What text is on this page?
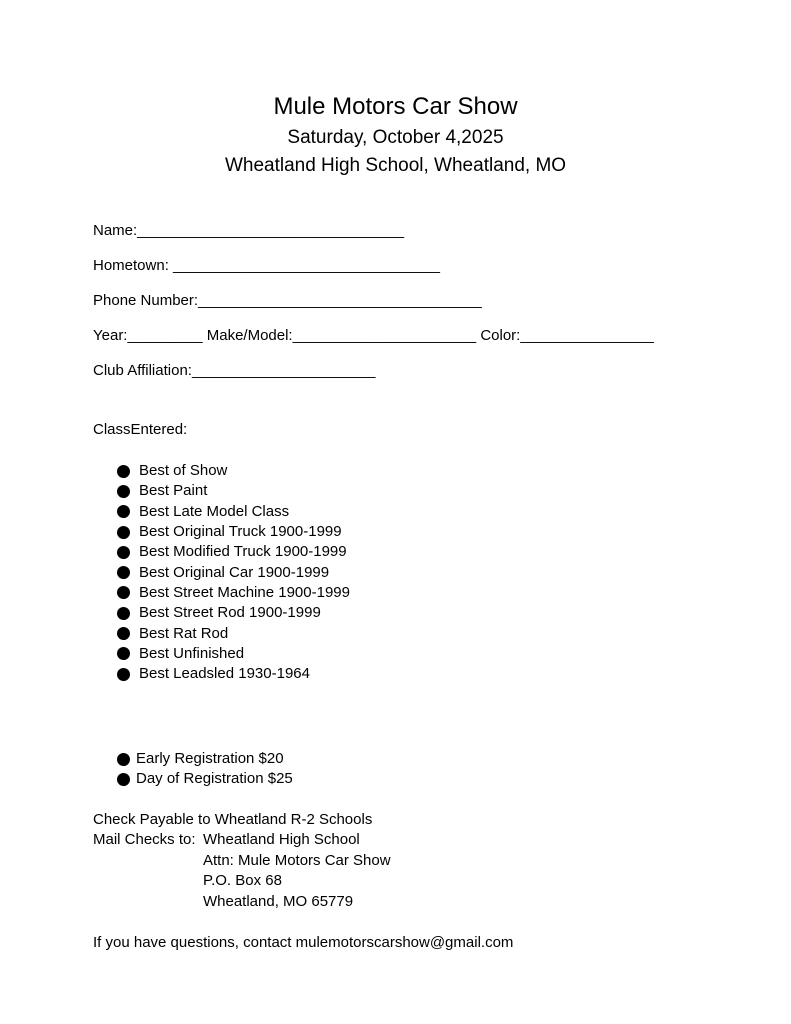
Mule Motors Car Show
Saturday, October 4,2025
Wheatland High School, Wheatland, MO
Name:________________________________
Hometown: ________________________________
Phone Number:__________________________________
Year:_________ Make/Model:______________________ Color:________________
Club Affiliation:______________________
ClassEntered:
Best of Show
Best Paint
Best Late Model Class
Best Original Truck 1900-1999
Best Modified Truck 1900-1999
Best Original Car 1900-1999
Best Street Machine 1900-1999
Best Street Rod 1900-1999
Best Rat Rod
Best Unfinished
Best Leadsled 1930-1964
Early Registration $20
Day of Registration $25
Check Payable to Wheatland R-2 Schools
Mail Checks to: Wheatland High School
Attn: Mule Motors Car Show
P.O. Box 68
Wheatland, MO 65779
If you have questions, contact mulemotorscarshow@gmail.com
